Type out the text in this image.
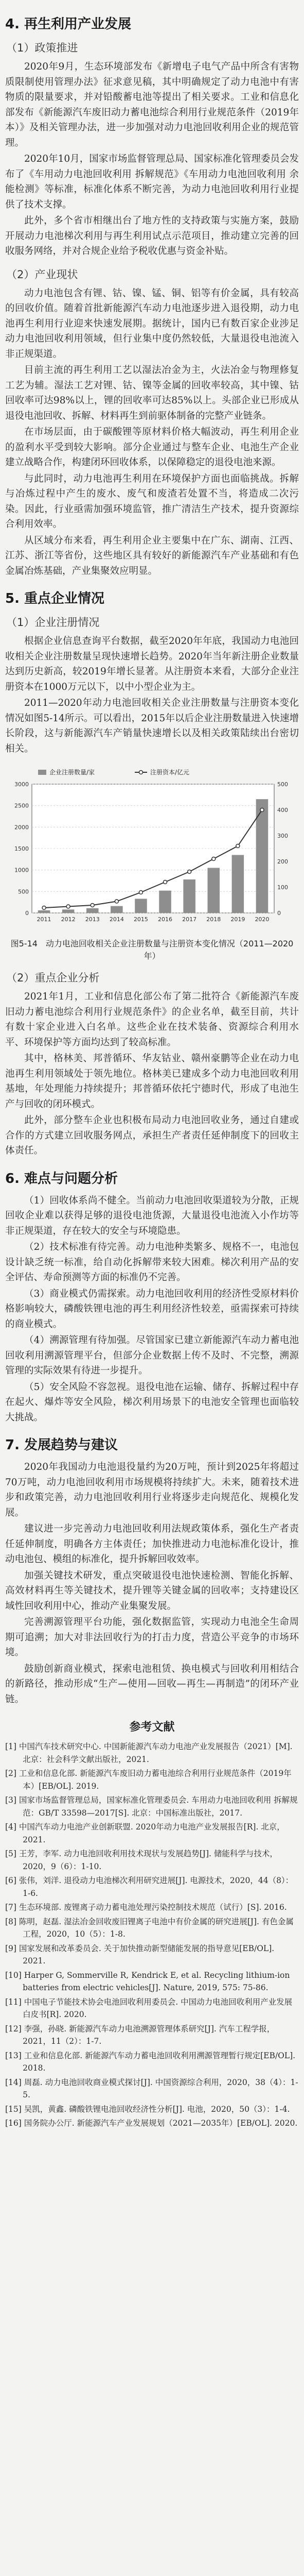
4. 再生利用产业发展
（1）政策推进

2020年9月，生态环境部发布《新增电子电气产品中所含有害物质限制使用管理办法》征求意见稿，其中明确规定了动力电池中有害物质的限量要求，并对铅酸蓄电池等提出了相关要求。工业和信息化部发布《新能源汽车废旧动力蓄电池综合利用行业规范条件（2019年本）》及相关管理办法，进一步加强对动力电池回收利用企业的规范管理。

2020年10月，国家市场监督管理总局、国家标准化管理委员会发布了《车用动力电池回收利用 拆解规范》《车用动力电池回收利用 余能检测》等标准，标准化体系不断完善，为动力电池回收利用行业提供了技术支撑。

此外，多个省市相继出台了地方性的支持政策与实施方案，鼓励开展动力电池梯次利用与再生利用试点示范项目，推动建立完善的回收服务网络，并对合规企业给予税收优惠与资金补贴。

（2）产业现状

动力电池包含有锂、钴、镍、锰、铜、铝等有价金属，具有较高的回收价值。随着首批新能源汽车动力电池逐步进入退役期，动力电池再生利用行业迎来快速发展期。据统计，国内已有数百家企业涉足动力电池回收利用领域，但行业集中度仍然较低，大量退役电池流入非正规渠道。

目前主流的再生利用工艺以湿法冶金为主，火法冶金与物理修复工艺为辅。湿法工艺对锂、钴、镍等金属的回收率较高，其中镍、钴回收率可达98%以上，锂的回收率可达85%以上。头部企业已形成从退役电池回收、拆解、材料再生到前驱体制备的完整产业链条。

在市场层面，由于碳酸锂等原材料价格大幅波动，再生利用企业的盈利水平受到较大影响。部分企业通过与整车企业、电池生产企业建立战略合作，构建闭环回收体系，以保障稳定的退役电池来源。

与此同时，动力电池再生利用在环境保护方面也面临挑战。拆解与冶炼过程中产生的废水、废气和废渣若处置不当，将造成二次污染。因此，行业亟需加强环境监管，推广清洁生产技术，提升资源综合利用效率。

从区域分布来看，再生利用企业主要集中在广东、湖南、江西、江苏、浙江等省份，这些地区具有较好的新能源汽车产业基础和有色金属冶炼基础，产业集聚效应明显。

5. 重点企业情况
（1）企业注册情况

根据企业信息查询平台数据，截至2020年年底，我国动力电池回收相关企业注册数量呈现快速增长趋势。2020年当年新注册企业数量达到历史新高，较2019年增长显著。从注册资本来看，大部分企业注册资本在1000万元以下，以中小型企业为主。

2011—2020年动力电池回收相关企业注册数量与注册资本变化情况如图5-14所示。可以看出，2015年以后企业注册数量进入快速增长阶段，这与新能源汽车产销量快速增长以及相关政策陆续出台密切相关。

0
500
1000
1500
2000
2500
3000
0
100
200
300
400
500
2011 2012 2013 2014 2015 2016 2017 2018 2019 2020
企业注册数量/家	注册资本/亿元
图5-14　动力电池回收相关企业注册数量与注册资本变化情况（2011—2020年）
（2）重点企业分析

2021年1月，工业和信息化部公布了第二批符合《新能源汽车废旧动力蓄电池综合利用行业规范条件》的企业名单，截至目前，共计有数十家企业进入白名单。这些企业在技术装备、资源综合利用水平、环境保护等方面均达到了较高标准。

其中，格林美、邦普循环、华友钴业、赣州豪鹏等企业在动力电池再生利用领域处于领先地位。格林美已建成多个动力电池回收利用基地，年处理能力持续提升；邦普循环依托宁德时代，形成了电池生产与回收的闭环模式。

此外，部分整车企业也积极布局动力电池回收业务，通过自建或合作的方式建立回收服务网点，承担生产者责任延伸制度下的回收主体责任。

6. 难点与问题分析

（1）回收体系尚不健全。当前动力电池回收渠道较为分散，正规回收企业难以获得足够的退役电池货源，大量退役电池流入小作坊等非正规渠道，存在较大的安全与环境隐患。

（2）技术标准有待完善。动力电池种类繁多、规格不一，电池包设计缺乏统一标准，给自动化拆解带来较大困难。梯次利用产品的安全评估、寿命预测等方面的标准仍不完善。

（3）商业模式仍需探索。动力电池回收利用的经济性受原材料价格影响较大，磷酸铁锂电池的再生利用经济性较差，亟需探索可持续的商业模式。

（4）溯源管理有待加强。尽管国家已建立新能源汽车动力蓄电池回收利用溯源管理平台，但部分企业数据上传不及时、不完整，溯源管理的实际效果有待进一步提升。

（5）安全风险不容忽视。退役电池在运输、储存、拆解过程中存在起火、爆炸等安全风险，梯次利用场景下的电池安全管理也面临较大挑战。

7. 发展趋势与建议

2020年我国动力电池退役量约为20万吨，预计到2025年将超过70万吨，动力电池回收利用市场规模将持续扩大。未来，随着技术进步和政策完善，动力电池回收利用行业将逐步走向规范化、规模化发展。

建议进一步完善动力电池回收利用法规政策体系，强化生产者责任延伸制度，明确各方主体责任；加快推进动力电池标准化设计，推动电池包、模组的标准化，提升拆解回收效率。

加强关键技术研发，重点突破退役电池快速检测、智能化拆解、高效材料再生等关键技术，提升锂等关键金属的回收率；支持建设区域性回收利用中心，推动产业集聚发展。

完善溯源管理平台功能，强化数据监管，实现动力电池全生命周期可追溯；加大对非法回收行为的打击力度，营造公平竞争的市场环境。

鼓励创新商业模式，探索电池租赁、换电模式与回收利用相结合的新路径，推动形成“生产—使用—回收—再生—再制造”的闭环产业链。

参考文献

[1] 中国汽车技术研究中心. 中国新能源汽车动力电池产业发展报告（2021）[M]. 北京：社会科学文献出版社，2021.

[2] 工业和信息化部. 新能源汽车废旧动力蓄电池综合利用行业规范条件（2019年本）[EB/OL]. 2019.

[3] 国家市场监督管理总局，国家标准化管理委员会. 车用动力电池回收利用 拆解规范：GB/T 33598—2017[S]. 北京：中国标准出版社，2017.

[4] 中国汽车动力电池产业创新联盟. 2020年动力电池产业发展报告[R]. 北京，2021.

[5] 王芳，李军. 动力电池回收利用技术现状与发展趋势[J]. 储能科学与技术，2020，9（6）：1-10.

[6] 张伟，刘洋. 退役动力电池梯次利用研究进展[J]. 电源技术，2020，44（8）：1-6.

[7] 生态环境部. 废锂离子动力蓄电池处理污染控制技术规范（试行）[S]. 2016.

[8] 陈明，赵磊. 湿法冶金回收废旧锂离子电池中有价金属的研究进展[J]. 有色金属工程，2020，10（5）：1-8.

[9] 国家发展和改革委员会. 关于加快推动新型储能发展的指导意见[EB/OL]. 2021.

[10] Harper G, Sommerville R, Kendrick E, et al. Recycling lithium-ion batteries from electric vehicles[J]. Nature, 2019, 575: 75-86.

[11] 中国电子节能技术协会电池回收利用委员会. 中国动力电池回收利用产业发展白皮书[R]. 2020.

[12] 李强，孙晓. 新能源汽车动力电池溯源管理体系研究[J]. 汽车工程学报，2021，11（2）：1-7.

[13] 工业和信息化部. 新能源汽车动力蓄电池回收利用溯源管理暂行规定[EB/OL]. 2018.

[14] 周磊. 动力电池回收商业模式探讨[J]. 中国资源综合利用，2020，38（4）：1-5.

[15] 吴凯，黄鑫. 磷酸铁锂电池回收经济性分析[J]. 电池，2020，50（3）：1-4.

[16] 国务院办公厅. 新能源汽车产业发展规划（2021—2035年）[EB/OL]. 2020.
